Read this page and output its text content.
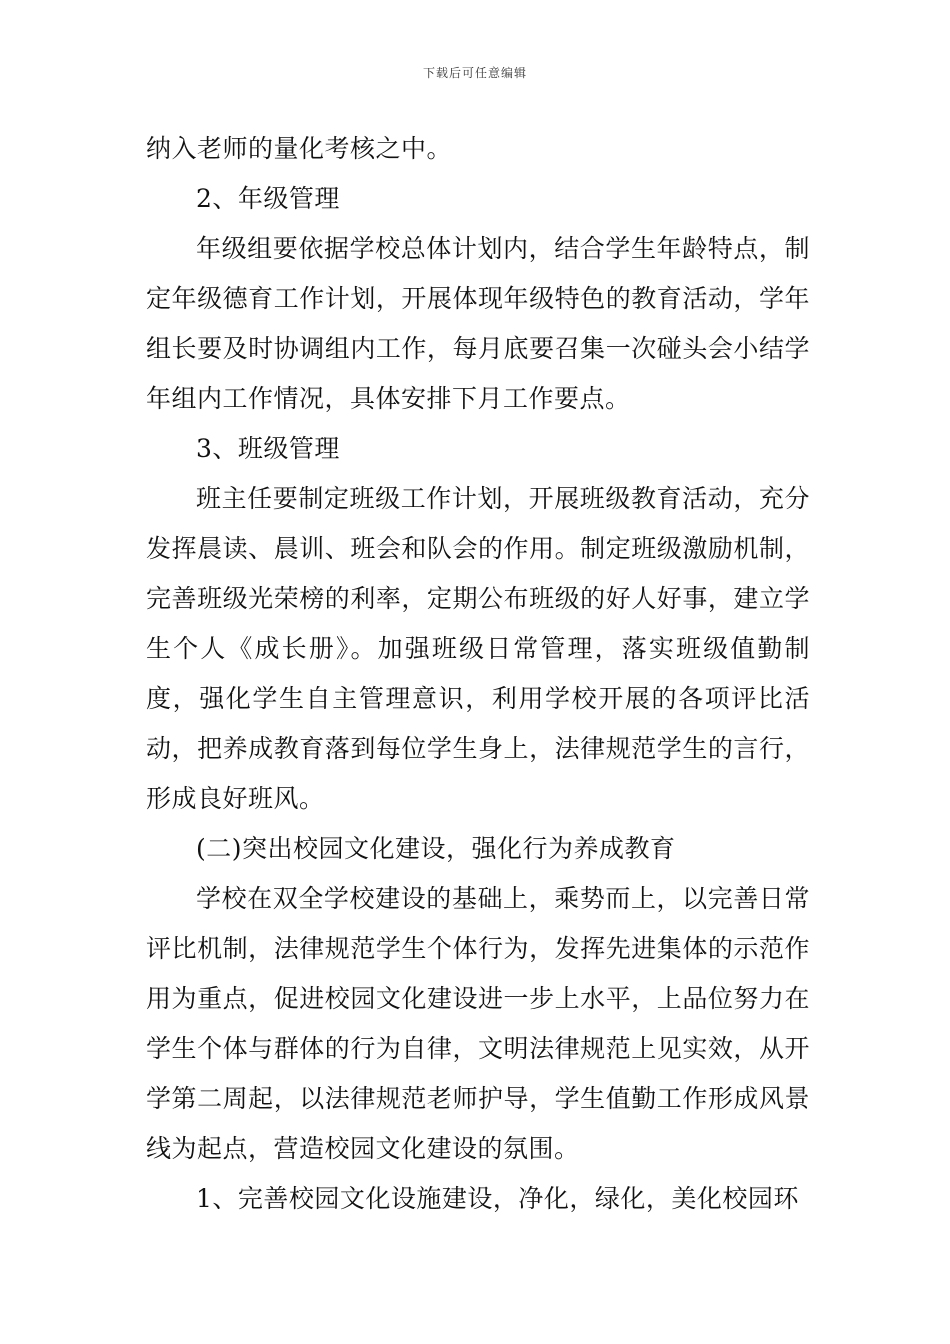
下载后可任意编辑

纳入老师的量化考核之中。

2、年级管理

年级组要依据学校总体计划内，结合学生年龄特点，制定年级德育工作计划，开展体现年级特色的教育活动，学年组长要及时协调组内工作，每月底要召集一次碰头会小结学年组内工作情况，具体安排下月工作要点。

3、班级管理

班主任要制定班级工作计划，开展班级教育活动，充分发挥晨读、晨训、班会和队会的作用。制定班级激励机制，完善班级光荣榜的利率，定期公布班级的好人好事，建立学生个人《成长册》。加强班级日常管理，落实班级值勤制度，强化学生自主管理意识，利用学校开展的各项评比活动，把养成教育落到每位学生身上，法律规范学生的言行，形成良好班风。

(二)突出校园文化建设，强化行为养成教育

学校在双全学校建设的基础上，乘势而上，以完善日常评比机制，法律规范学生个体行为，发挥先进集体的示范作用为重点，促进校园文化建设进一步上水平，上品位努力在学生个体与群体的行为自律，文明法律规范上见实效，从开学第二周起，以法律规范老师护导，学生值勤工作形成风景线为起点，营造校园文化建设的氛围。

1、完善校园文化设施建设，净化，绿化，美化校园环
